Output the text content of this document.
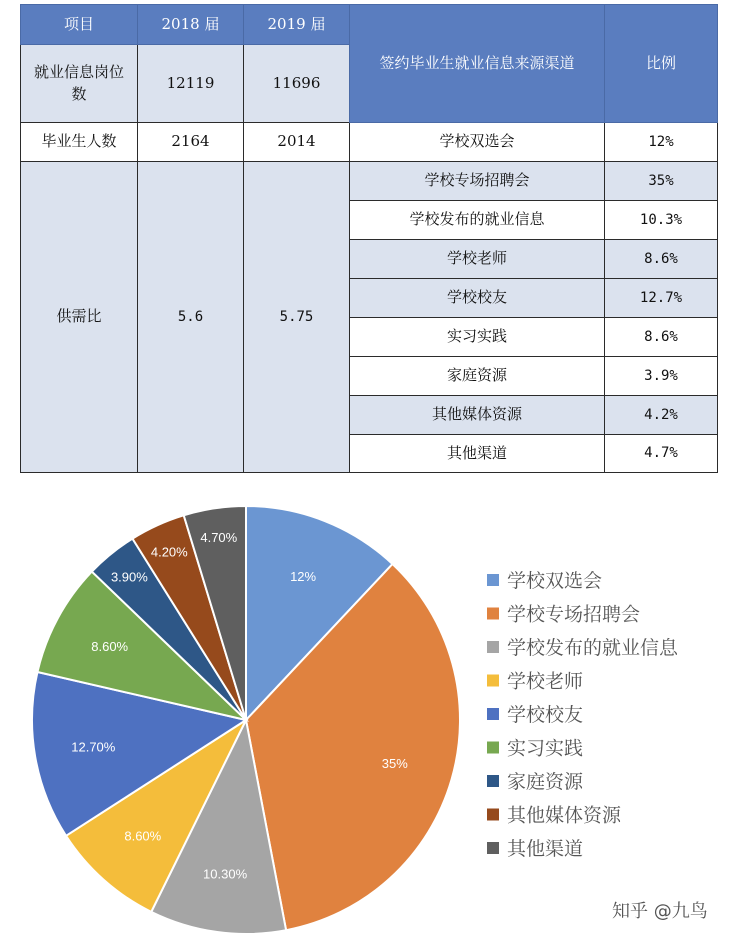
项目	2018 届	2019 届	签约毕业生就业信息来源渠道	比例
就业信息岗位数	12119	11696		
毕业生人数	2164	2014	学校双选会	12%
供需比	5.6	5.75	学校专场招聘会	35%
			学校发布的就业信息	10.3%
			学校老师	8.6%
			学校校友	12.7%
			实习实践	8.6%
			家庭资源	3.9%
			其他媒体资源	4.2%
			其他渠道	4.7%
12%
35%
10.30%
8.60%
12.70%
8.60%
3.90%
4.20%
4.70%
学校双选会
学校专场招聘会
学校发布的就业信息
学校老师
学校校友
实习实践
家庭资源
其他媒体资源
其他渠道
知乎 @九鸟
